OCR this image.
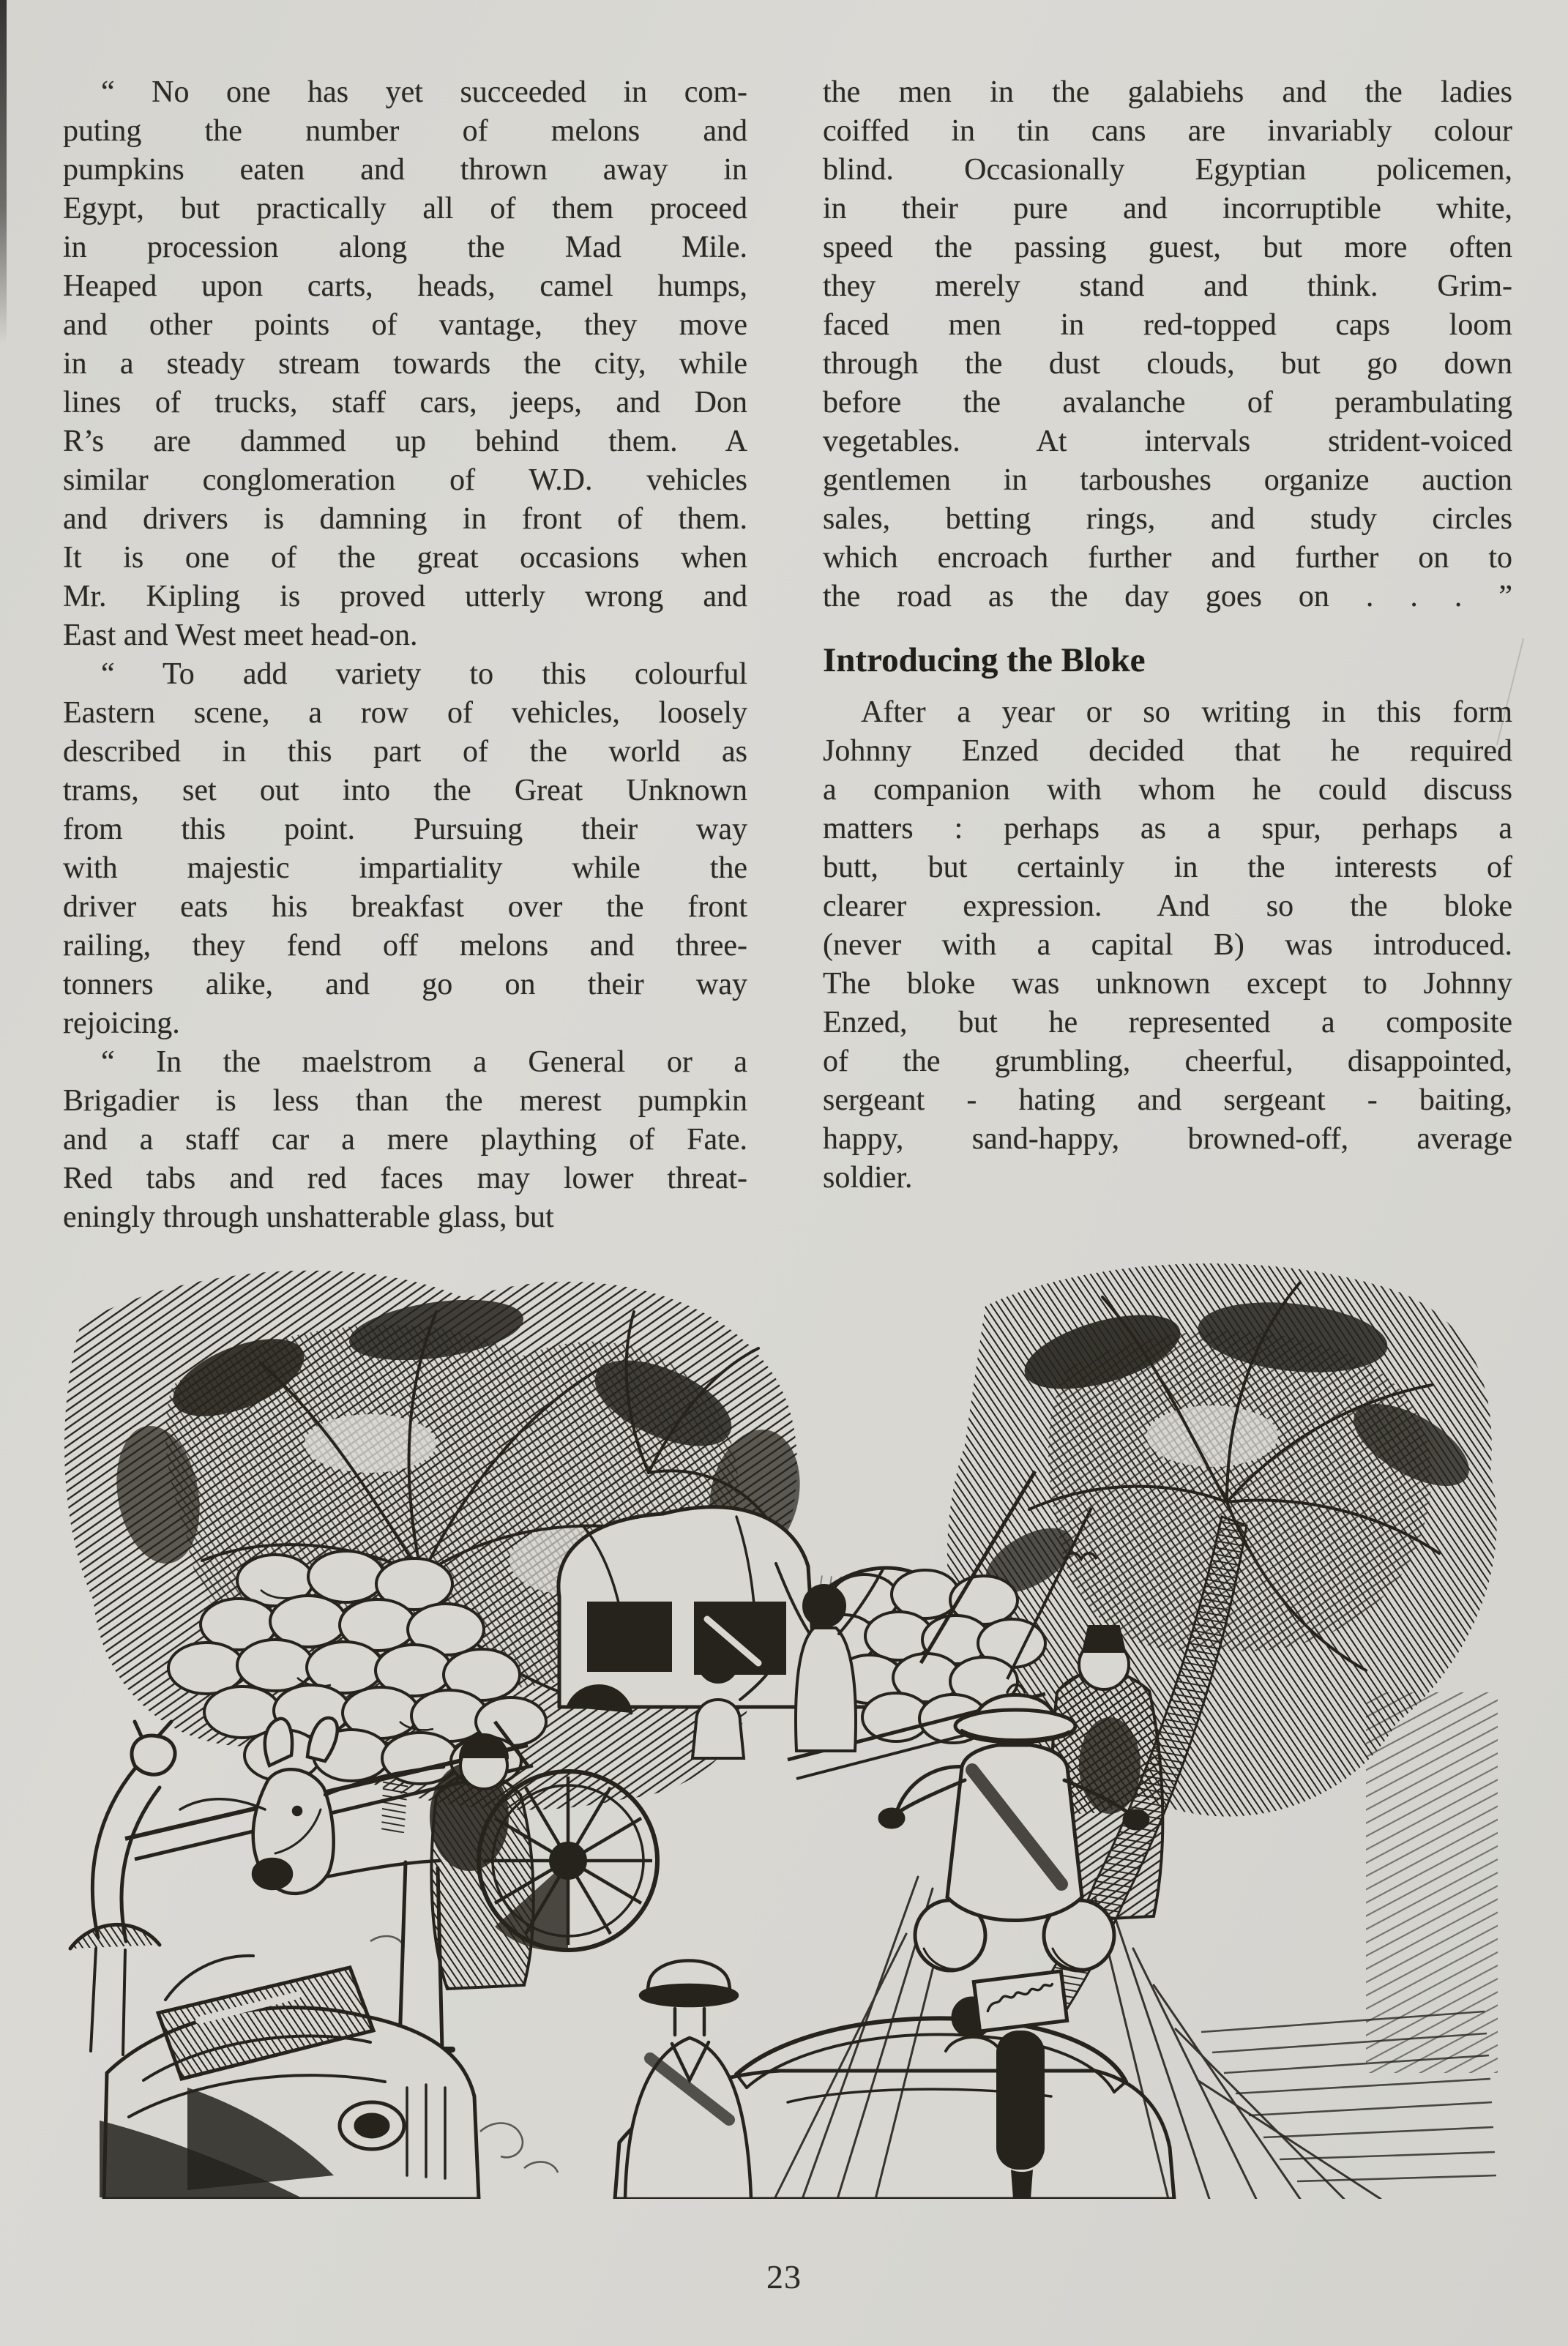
“ No one has yet succeeded in com-
puting the number of melons and
pumpkins eaten and thrown away in
Egypt, but practically all of them proceed
in procession along the Mad Mile.
Heaped upon carts, heads, camel humps,
and other points of vantage, they move
in a steady stream towards the city, while
lines of trucks, staff cars, jeeps, and Don
R’s are dammed up behind them. A
similar conglomeration of W.D. vehicles
and drivers is damning in front of them.
It is one of the great occasions when
Mr. Kipling is proved utterly wrong and
East and West meet head-on.
“ To add variety to this colourful
Eastern scene, a row of vehicles, loosely
described in this part of the world as
trams, set out into the Great Unknown
from this point. Pursuing their way
with majestic impartiality while the
driver eats his breakfast over the front
railing, they fend off melons and three-
tonners alike, and go on their way
rejoicing.
“ In the maelstrom a General or a
Brigadier is less than the merest pumpkin
and a staff car a mere plaything of Fate.
Red tabs and red faces may lower threat-
eningly through unshatterable glass, but
the men in the galabiehs and the ladies
coiffed in tin cans are invariably colour
blind. Occasionally Egyptian policemen,
in their pure and incorruptible white,
speed the passing guest, but more often
they merely stand and think. Grim-
faced men in red-topped caps loom
through the dust clouds, but go down
before the avalanche of perambulating
vegetables. At intervals strident-voiced
gentlemen in tarboushes organize auction
sales, betting rings, and study circles
which encroach further and further on to
the road as the day goes on . . . ”
Introducing the Bloke
After a year or so writing in this form
Johnny Enzed decided that he required
a companion with whom he could discuss
matters : perhaps as a spur, perhaps a
butt, but certainly in the interests of
clearer expression. And so the bloke
(never with a capital B) was introduced.
The bloke was unknown except to Johnny
Enzed, but he represented a composite
of the grumbling, cheerful, disappointed,
sergeant - hating and sergeant - baiting,
happy, sand-happy, browned-off, average
soldier.
23
